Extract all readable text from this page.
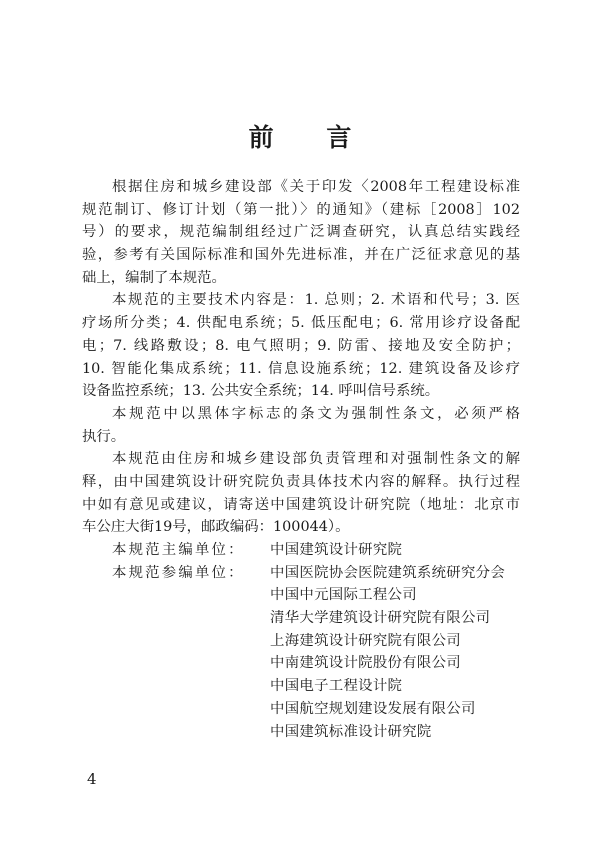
前 言
根据住房和城乡建设部《关于印发〈2008年工程建设标准
规范制订、修订计划（第一批）〉的通知》（建标［2008］102
号）的要求，规范编制组经过广泛调查研究，认真总结实践经
验，参考有关国际标准和国外先进标准，并在广泛征求意见的基
础上，编制了本规范。
本规范的主要技术内容是：1. 总则；2. 术语和代号；3. 医
疗场所分类；4. 供配电系统；5. 低压配电；6. 常用诊疗设备配
电；7. 线路敷设；8. 电气照明；9. 防雷、接地及安全防护；
10. 智能化集成系统；11. 信息设施系统；12. 建筑设备及诊疗
设备监控系统；13. 公共安全系统；14. 呼叫信号系统。
本规范中以黑体字标志的条文为强制性条文，必须严格
执行。
本规范由住房和城乡建设部负责管理和对强制性条文的解
释，由中国建筑设计研究院负责具体技术内容的解释。执行过程
中如有意见或建议，请寄送中国建筑设计研究院（地址：北京市
车公庄大街19号，邮政编码：100044）。
本规范主编单位：	中国建筑设计研究院
本规范参编单位：	中国医院协会医院建筑系统研究分会
中国中元国际工程公司
清华大学建筑设计研究院有限公司
上海建筑设计研究院有限公司
中南建筑设计院股份有限公司
中国电子工程设计院
中国航空规划建设发展有限公司
中国建筑标准设计研究院
4
